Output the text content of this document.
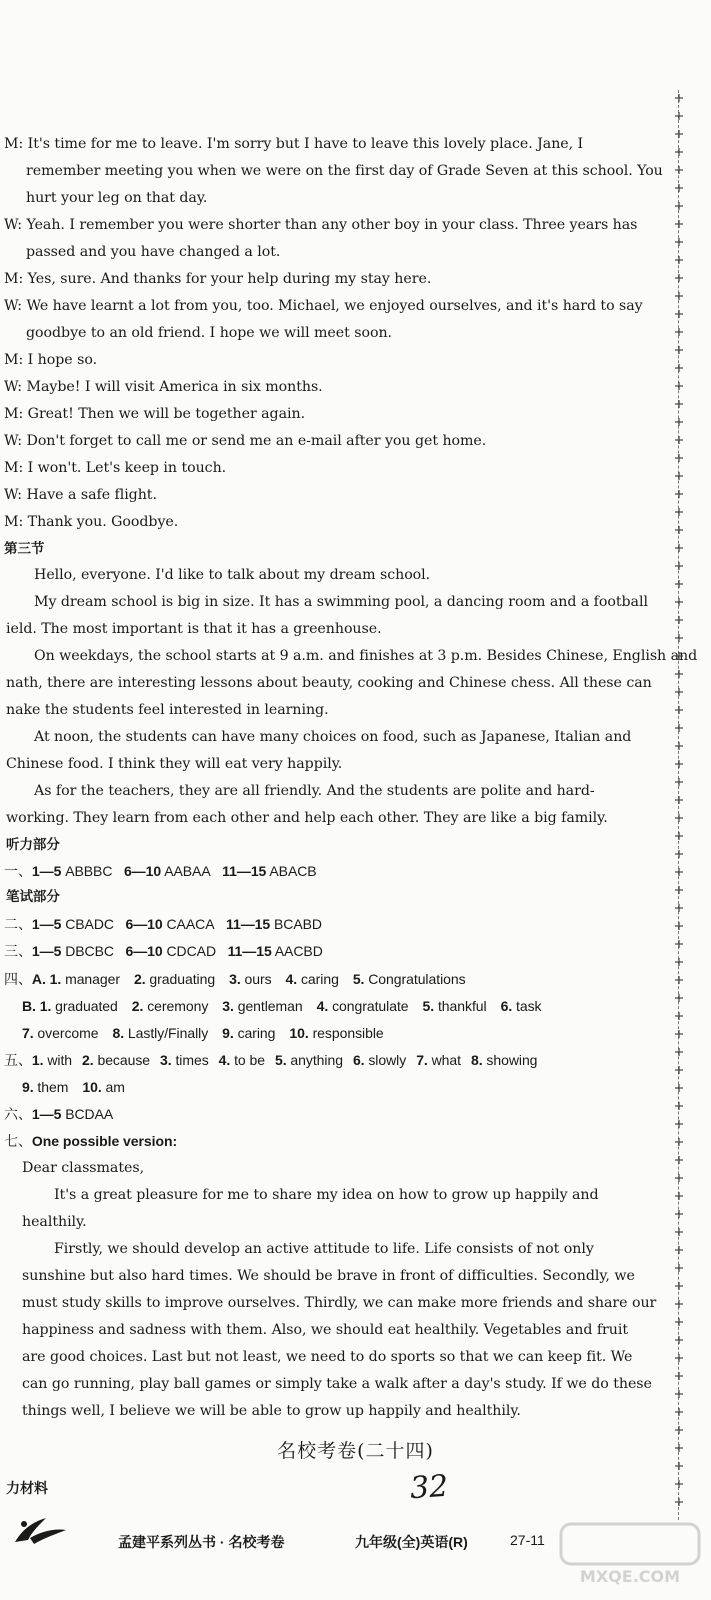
M: It's time for me to leave. I'm sorry but I have to leave this lovely place. Jane, I
remember meeting you when we were on the first day of Grade Seven at this school. You
hurt your leg on that day.
W: Yeah. I remember you were shorter than any other boy in your class. Three years has
passed and you have changed a lot.
M: Yes, sure. And thanks for your help during my stay here.
W: We have learnt a lot from you, too. Michael, we enjoyed ourselves, and it's hard to say
goodbye to an old friend. I hope we will meet soon.
M: I hope so.
W: Maybe! I will visit America in six months.
M: Great! Then we will be together again.
W: Don't forget to call me or send me an e-mail after you get home.
M: I won't. Let's keep in touch.
W: Have a safe flight.
M: Thank you. Goodbye.
第三节
Hello, everyone. I'd like to talk about my dream school.
My dream school is big in size. It has a swimming pool, a dancing room and a football
ield. The most important is that it has a greenhouse.
On weekdays, the school starts at 9 a.m. and finishes at 3 p.m. Besides Chinese, English and
nath, there are interesting lessons about beauty, cooking and Chinese chess. All these can
nake the students feel interested in learning.
At noon, the students can have many choices on food, such as Japanese, Italian and
Chinese food. I think they will eat very happily.
As for the teachers, they are all friendly. And the students are polite and hard-
working. They learn from each other and help each other. They are like a big family.
听力部分
一、1—5 ABBBC 6—10 AABAA 11—15 ABACB
笔试部分
二、1—5 CBADC 6—10 CAACA 11—15 BCABD
三、1—5 DBCBC 6—10 CDCAD 11—15 AACBD
四、A. 1. manager 2. graduating 3. ours 4. caring 5. Congratulations
B. 1. graduated 2. ceremony 3. gentleman 4. congratulate 5. thankful 6. task
7. overcome 8. Lastly/Finally 9. caring 10. responsible
五、1. with 2. because 3. times 4. to be 5. anything 6. slowly 7. what 8. showing
9. them 10. am
六、1—5 BCDAA
七、One possible version:
Dear classmates,
It's a great pleasure for me to share my idea on how to grow up happily and
healthily.
Firstly, we should develop an active attitude to life. Life consists of not only
sunshine but also hard times. We should be brave in front of difficulties. Secondly, we
must study skills to improve ourselves. Thirdly, we can make more friends and share our
happiness and sadness with them. Also, we should eat healthily. Vegetables and fruit
are good choices. Last but not least, we need to do sports so that we can keep fit. We
can go running, play ball games or simply take a walk after a day's study. If we do these
things well, I believe we will be able to grow up happily and healthily.
名校考卷(二十四)
力材料	32
孟建平系列丛书 · 名校考卷	九年级(全)英语(R)	27-11
MXQE.COM
